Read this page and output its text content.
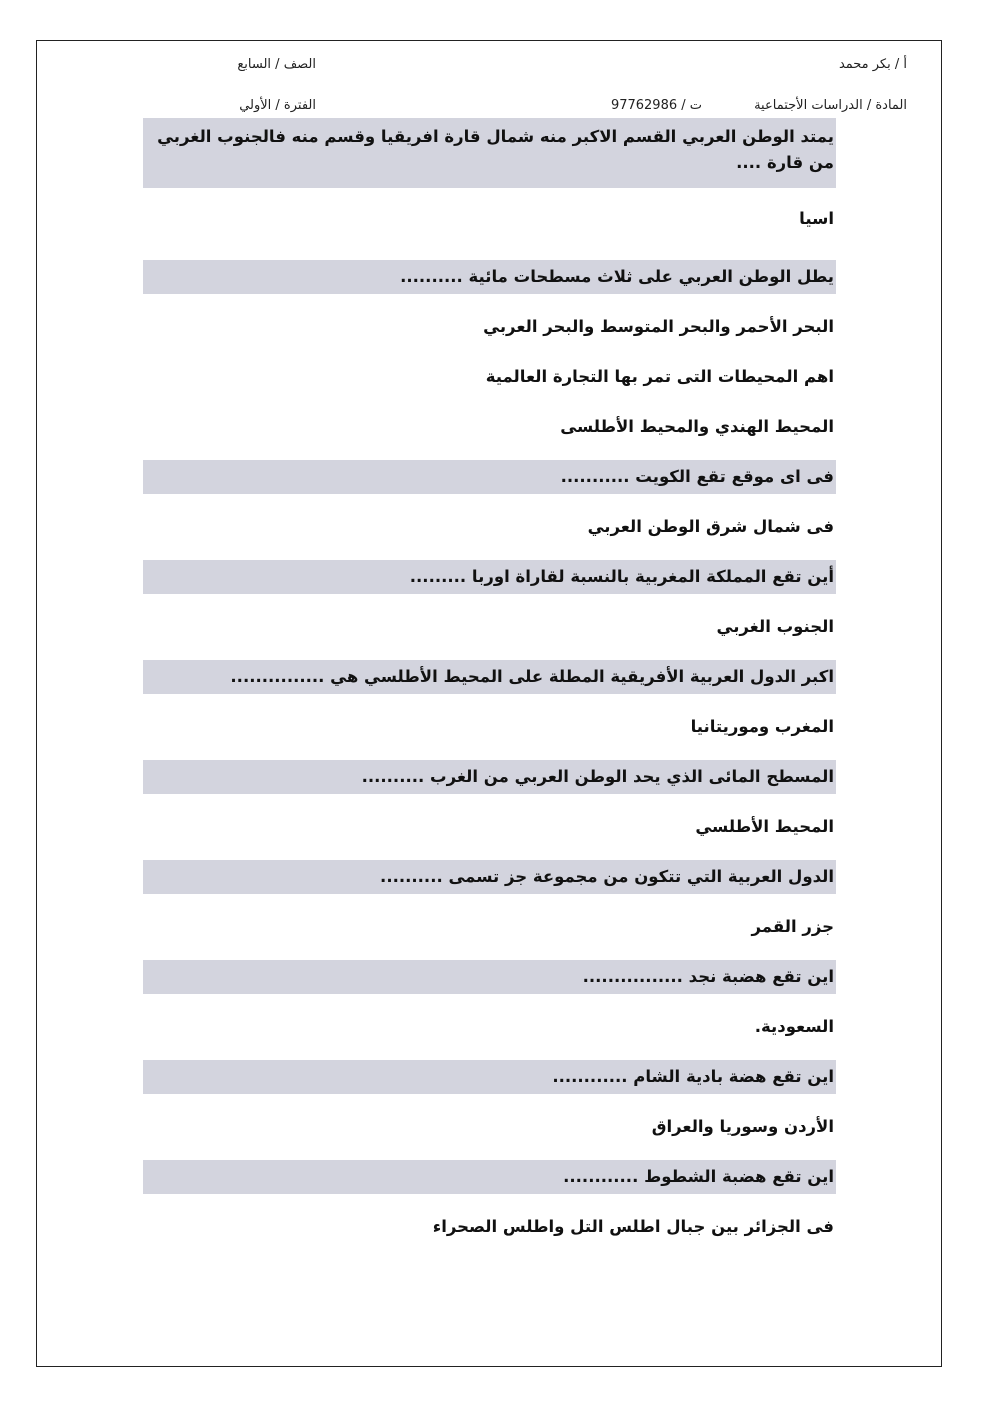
أ / بكر محمد
الصف / السابع
المادة / الدراسات الأجتماعية
ت / 97762986
الفترة / الأولي
يمتد الوطن العربي القسم الاكبر منه شمال قارة افريقيا وقسم منه فالجنوب الغربي من قارة ....
اسيا
يطل الوطن العربي على ثلاث مسطحات مائية ..........
البحر الأحمر والبحر المتوسط والبحر العربي
اهم المحيطات التى تمر بها التجارة العالمية
المحيط الهندي والمحيط الأطلسى
فى اى موقع تقع الكويت ...........
فى شمال شرق الوطن العربي
أين تقع المملكة المغربية بالنسبة لقاراة اوربا .........
الجنوب الغربي
اكبر الدول العربية الأفريقية المطلة على المحيط الأطلسي هي ...............
المغرب وموريتانيا
المسطح المائى الذي يحد الوطن العربي من الغرب ..........
المحيط الأطلسي
الدول العربية التي تتكون من مجموعة جز تسمى ..........
جزر القمر
اين تقع هضبة نجد ................
السعودية.
اين تقع هضة بادية الشام ............
الأردن وسوريا والعراق
اين تقع هضبة الشطوط ............
فى الجزائر بين جبال اطلس التل واطلس الصحراء
